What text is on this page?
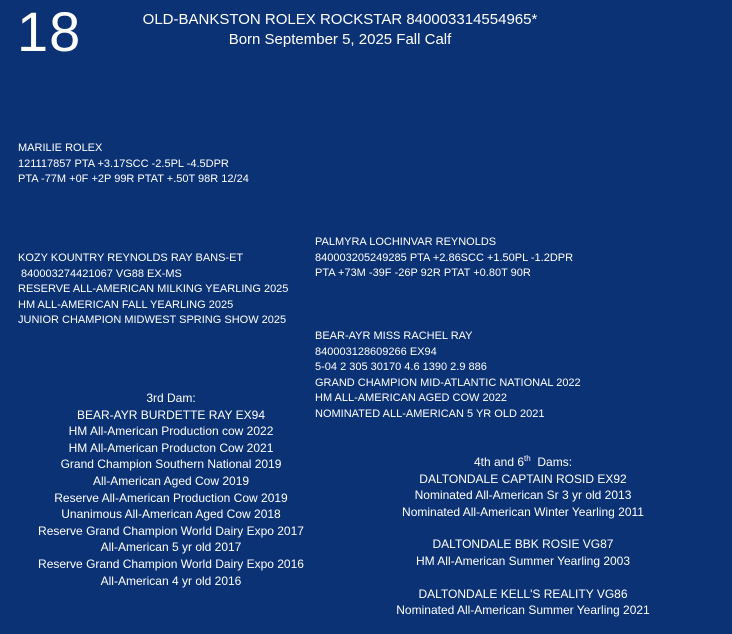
18	OLD-BANKSTON ROLEX ROCKSTAR 840003314554965*
Born September 5, 2025 Fall Calf
MARILIE ROLEX
121117857 PTA +3.17SCC -2.5PL -4.5DPR
PTA -77M +0F +2P 99R PTAT +.50T 98R 12/24
KOZY KOUNTRY REYNOLDS RAY BANS-ET
840003274421067 VG88 EX-MS
RESERVE ALL-AMERICAN MILKING YEARLING 2025
HM ALL-AMERICAN FALL YEARLING 2025
JUNIOR CHAMPION MIDWEST SPRING SHOW 2025
PALMYRA LOCHINVAR REYNOLDS
840003205249285 PTA +2.86SCC +1.50PL -1.2DPR
PTA +73M -39F -26P 92R PTAT +0.80T 90R
BEAR-AYR MISS RACHEL RAY
840003128609266 EX94
5-04 2 305 30170 4.6 1390 2.9 886
GRAND CHAMPION MID-ATLANTIC NATIONAL 2022
HM ALL-AMERICAN AGED COW 2022
NOMINATED ALL-AMERICAN 5 YR OLD 2021
3rd Dam:
BEAR-AYR BURDETTE RAY EX94
HM All-American Production cow 2022
HM All-American Producton Cow 2021
Grand Champion Southern National 2019
All-American Aged Cow 2019
Reserve All-American Production Cow 2019
Unanimous All-American Aged Cow 2018
Reserve Grand Champion World Dairy Expo 2017
All-American 5 yr old 2017
Reserve Grand Champion World Dairy Expo 2016
All-American 4 yr old 2016
4th and 6th  Dams:
DALTONDALE CAPTAIN ROSID EX92
Nominated All-American Sr 3 yr old 2013
Nominated All-American Winter Yearling 2011
DALTONDALE BBK ROSIE VG87
HM All-American Summer Yearling 2003
DALTONDALE KELL'S REALITY VG86
Nominated All-American Summer Yearling 2021
